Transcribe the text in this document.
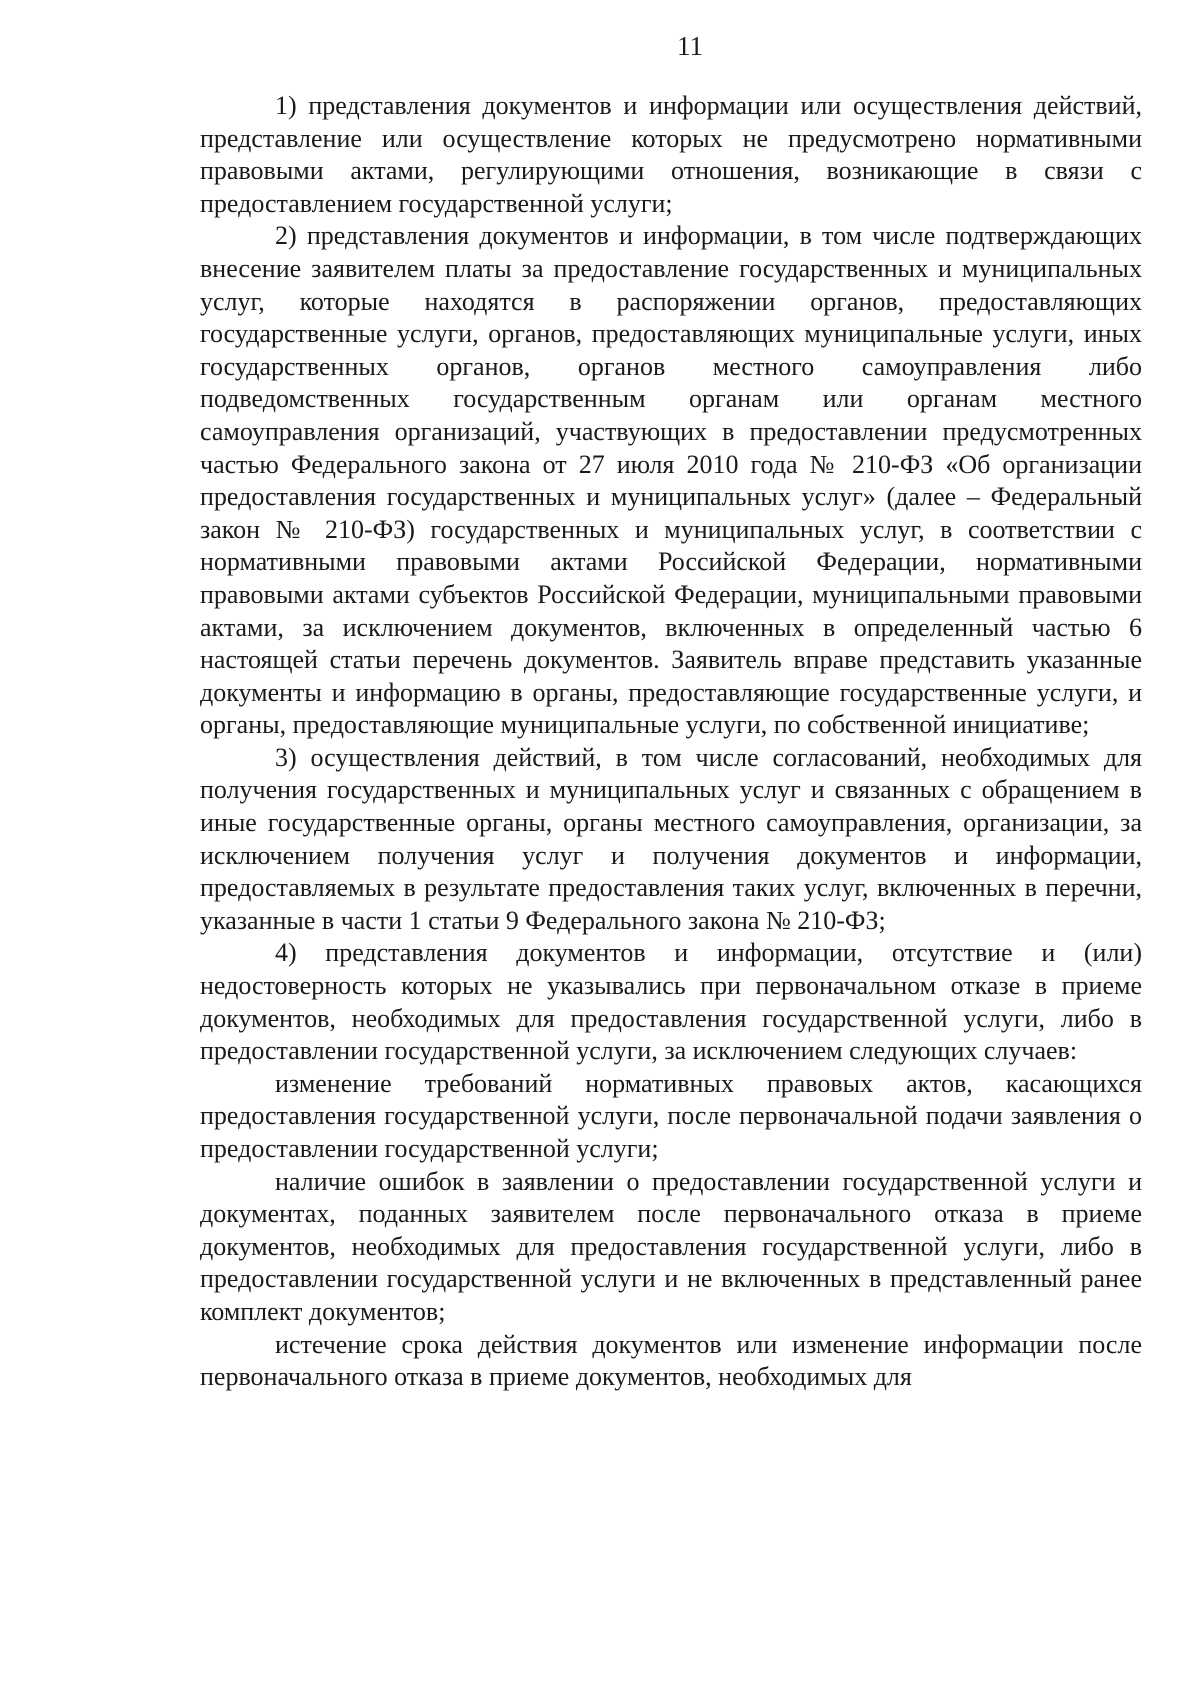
11

1) представления документов и информации или осуществления действий, представление или осуществление которых не предусмотрено нормативными правовыми актами, регулирующими отношения, возникающие в связи с предоставлением государственной услуги;

2) представления документов и информации, в том числе подтверждающих внесение заявителем платы за предоставление государственных и муниципальных услуг, которые находятся в распоряжении органов, предоставляющих государственные услуги, органов, предоставляющих муниципальные услуги, иных государственных органов, органов местного самоуправления либо подведомственных государственным органам или органам местного самоуправления организаций, участвующих в предоставлении предусмотренных частью Федерального закона от 27 июля 2010 года № 210-ФЗ «Об организации предоставления государственных и муниципальных услуг» (далее – Федеральный закон № 210-ФЗ) государственных и муниципальных услуг, в соответствии с нормативными правовыми актами Российской Федерации, нормативными правовыми актами субъектов Российской Федерации, муниципальными правовыми актами, за исключением документов, включенных в определенный частью 6 настоящей статьи перечень документов. Заявитель вправе представить указанные документы и информацию в органы, предоставляющие государственные услуги, и органы, предоставляющие муниципальные услуги, по собственной инициативе;

3) осуществления действий, в том числе согласований, необходимых для получения государственных и муниципальных услуг и связанных с обращением в иные государственные органы, органы местного самоуправления, организации, за исключением получения услуг и получения документов и информации, предоставляемых в результате предоставления таких услуг, включенных в перечни, указанные в части 1 статьи 9 Федерального закона № 210-ФЗ;

4) представления документов и информации, отсутствие и (или) недостоверность которых не указывались при первоначальном отказе в приеме документов, необходимых для предоставления государственной услуги, либо в предоставлении государственной услуги, за исключением следующих случаев:

изменение требований нормативных правовых актов, касающихся предоставления государственной услуги, после первоначальной подачи заявления о предоставлении государственной услуги;

наличие ошибок в заявлении о предоставлении государственной услуги и документах, поданных заявителем после первоначального отказа в приеме документов, необходимых для предоставления государственной услуги, либо в предоставлении государственной услуги и не включенных в представленный ранее комплект документов;

истечение срока действия документов или изменение информации после первоначального отказа в приеме документов, необходимых для
